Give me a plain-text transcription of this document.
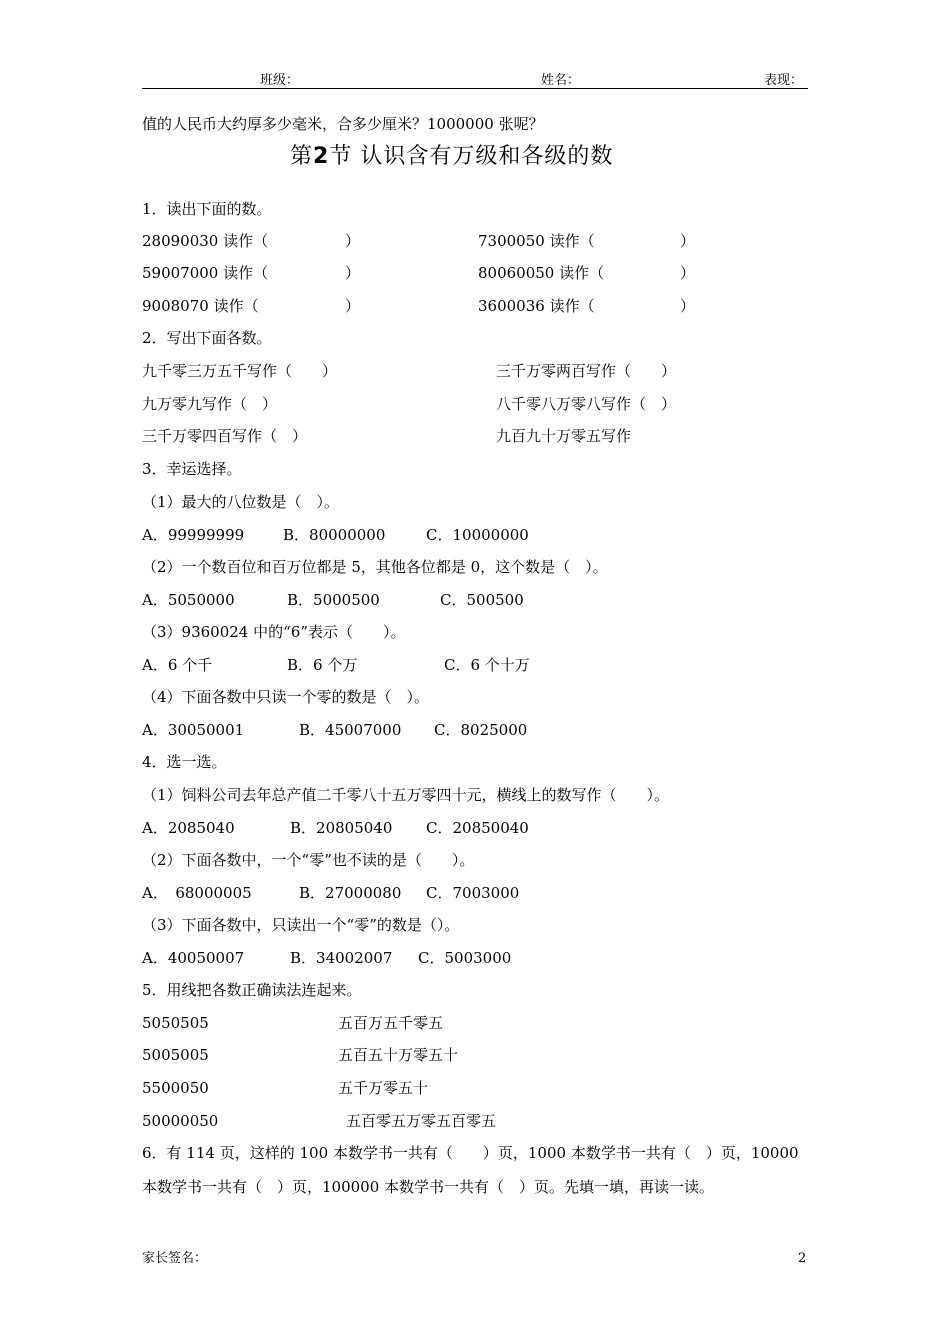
班级：	姓名：	表现：
值的人民币大约厚多少毫米，合多少厘米？1000000 张呢？
第2节 认识含有万级和各级的数
1．读出下面的数。
28090030 读作（	）	7300050 读作（	）
59007000 读作（	）	80060050 读作（	）
9008070 读作（	）	3600036 读作（	）
2．写出下面各数。
九千零三万五千写作（　　）	三千万零两百写作（　　）
九万零九写作（　）	八千零八万零八写作（　）
三千万零四百写作（　）	九百九十万零五写作
3．幸运选择。
（1）最大的八位数是（　）。
A．99999999	B．80000000	C．10000000
（2）一个数百位和百万位都是 5，其他各位都是 0，这个数是（　）。
A．5050000	B．5000500	C．500500
（3）9360024 中的“6”表示（　　）。
A．6 个千	B．6 个万	C．6 个十万
（4）下面各数中只读一个零的数是（　）。
A．30050001	B．45007000 C．8025000
4．选一选。
（1）饲料公司去年总产值二千零八十五万零四十元，横线上的数写作（　　）。
A．2085040	B．20805040 C．20850040
（2）下面各数中，一个“零”也不读的是（　　）。
A．　68000005	B．27000080 C．7003000
（3）下面各数中，只读出一个“零”的数是（）。
A．40050007	B．34002007 C．5003000
5．用线把各数正确读法连起来。
5050505	五百万五千零五
5005005	五百五十万零五十
5500050	五千万零五十
50000050	五百零五万零五百零五
6．有 114 页，这样的 100 本数学书一共有（　　）页，1000 本数学书一共有（　）页，10000
本数学书一共有（　）页，100000 本数学书一共有（　）页。先填一填，再读一读。
家长签名：	2
